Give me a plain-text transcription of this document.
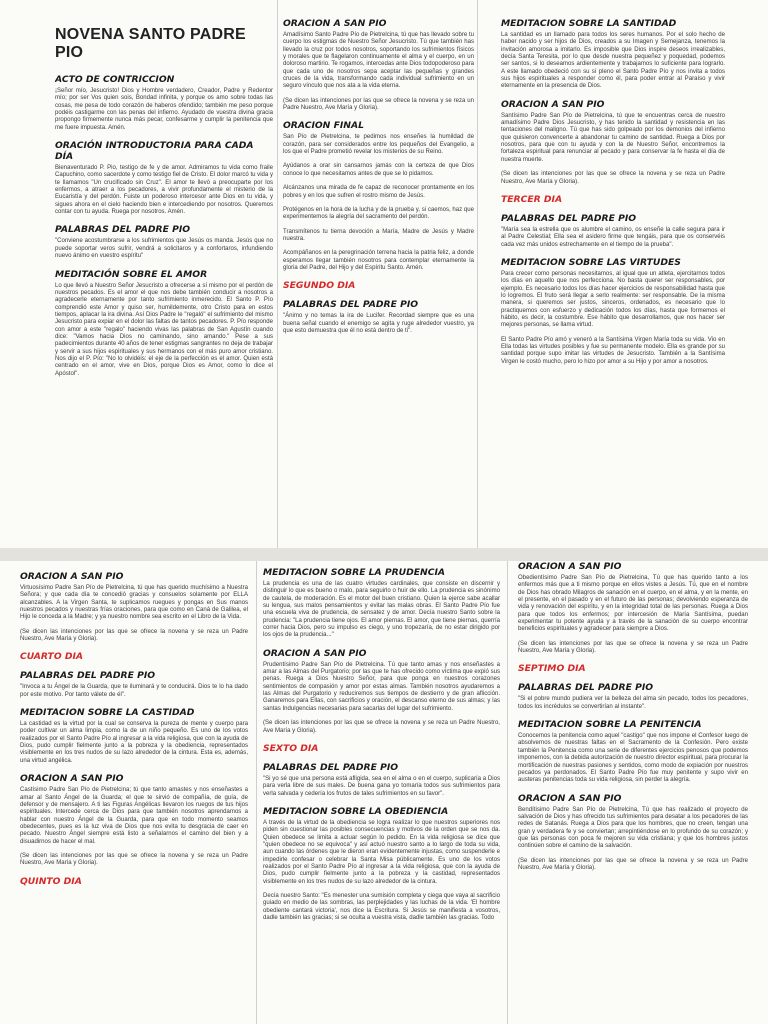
NOVENA SANTO PADRE PIO
ACTO DE CONTRICCION

¡Señor mío, Jesucristo! Dios y Hombre verdadero, Creador, Padre y Redentor mío; por ser Vos quien sois, Bondad infinita, y porque os amo sobre todas las cosas, me pesa de todo corazón de haberos ofendido; también me peso porque podéis castigarme con las penas del infierno. Ayudado de vuestra divina gracia propongo firmemente nunca más pecar, confesarme y cumplir la penitencia que me fuere impuesta. Amén.

ORACIÓN INTRODUCTORIA PARA CADA DÍA

Bienaventurado P. Pio, testigo de fe y de amor. Admiramos tu vida como fraile Capuchino, como sacerdote y como testigo fiel de Cristo. El dolor marcó tu vida y te llamamos "Un crucificado sin Cruz". El amor te llevó a preocuparte por los enfermos, a atraer a los pecadores, a vivir profundamente el misterio de la Eucaristía y del perdón. Fuiste un poderoso intercesor ante Dios en tu vida, y sigues ahora en el cielo haciendo bien e intercediendo por nosotros. Queremos contar con tu ayuda. Ruega por nosotros. Amén.

PALABRAS DEL PADRE PIO

"Conviene acostumbrarse a los sufrimientos que Jesús os manda. Jesús que no puede soportar veros sufrir, vendrá a solicitaros y a confortaros, infundiendo nuevo ánimo en vuestro espíritu"

MEDITACIÓN SOBRE EL AMOR

Lo que llevó a Nuestro Señor Jesucristo a ofrecerse a sí mismo por el perdón de nuestros pecados. Es el amor el que nos debe también conducir a nosotros a agradecerle eternamente por tanto sufrimiento inmerecido. El Santo P. Pío comprendió este Amor y quiso ser, humildemente, otro Cristo para en estos tiempos, aplacar la ira divina. Así Dios Padre le "regaló" el sufrimiento del mismo Jesucristo para expiar en el dolor las faltas de tantos pecadores. P. Pío responde con amor a este "regalo" haciendo vivas las palabras de San Agustín cuando dice: "Vamos hacia Dios no caminando, sino amando." Pese a sus padecimientos durante 40 años de tener estigmas sangrantes no deja de trabajar y servir a sus hijos espirituales y sus hermanos con el más puro amor cristiano. Nos dijo el P. Pío: "No lo olvidéis: el eje de la perfección es el amor. Quien está centrado en el amor, vive en Dios, porque Dios es Amor, como lo dice el Apóstol".

ORACION A SAN PIO

Amadísimo Santo Padre Pío de Pietrelcina, tú que has llevado sobre tu cuerpo los estigmas de Nuestro Señor Jesucristo. Tú que también has llevado la cruz por todos nosotros, soportando los sufrimientos físicos y morales que te flagelaron continuamente el alma y el cuerpo, en un doloroso martirio. Te rogamos, intercedas ante Dios todopoderoso para que cada uno de nosotros sepa aceptar las pequeñas y grandes cruces de la vida, transformando cada individual sufrimiento en un seguro vínculo que nos ata a la vida eterna.

(Se dicen las intenciones por las que se ofrece la novena y se reza un Padre Nuestro, Ave María y Gloria).

ORACION FINAL

San Pío de Pietrelcina, te pedimos nos enseñes la humildad de corazón, para ser considerados entre los pequeños del Evangelio, a los que el Padre prometió revelar los misterios de su Reino.

Ayúdanos a orar sin cansarnos jamás con la certeza de que Dios conoce lo que necesitamos antes de que se lo pidamos.

Alcánzanos una mirada de fe capaz de reconocer prontamente en los pobres y en los que sufren el rostro mismo de Jesús.

Protégenos en la hora de la lucha y de la prueba y, si caemos, haz que experimentemos la alegría del sacramento del perdón.

Transmítenos tu tierna devoción a María, Madre de Jesús y Madre nuestra.

Acompáñanos en la peregrinación terrena hacia la patria feliz, a donde esperamos llegar también nosotros para contemplar eternamente la gloria del Padre, del Hijo y del Espíritu Santo. Amén.

SEGUNDO DIA
PALABRAS DEL PADRE PIO

"Ánimo y no temas la ira de Lucifer. Recordad siempre que es una buena señal cuando el enemigo se agita y ruge alrededor vuestro, ya que esto demuestra que él no está dentro de ti".

MEDITACION SOBRE LA SANTIDAD

La santidad es un llamado para todos los seres humanos. Por el solo hecho de haber nacido y ser hijos de Dios, creados a su Imagen y Semejanza, tenemos la invitación amorosa a imitarlo. Es imposible que Dios inspire deseos irrealizables, decía Santa Teresita, por lo que desde nuestra pequeñez y poquedad, podemos ser santos, si lo deseamos ardientemente y trabajamos lo suficiente para lograrlo. A este llamado obedeció con su sí pleno el Santo Padre Pío y nos invita a todos sus hijos espirituales a responder como él, para poder entrar al Paraíso y vivir eternamente en la presencia de Dios.

ORACION A SAN PIO

Santísimo Padre San Pío de Pietrelcina, tú que te encuentras cerca de nuestro amadísimo Padre Dios Jesucristo, y has tenido la santidad y resistencia en las tentaciones del maligno. Tú que has sido golpeado por los demonios del infierno que quisieron convencerte a abandonar tu camino de santidad. Ruega a Dios por nosotros, para que con tu ayuda y con la de Nuestro Señor, encontremos la fortaleza espiritual para renunciar al pecado y para conservar la fe hasta el día de nuestra muerte.

(Se dicen las intenciones por las que se ofrece la novena y se reza un Padre Nuestro, Ave María y Gloria).

TERCER DIA
PALABRAS DEL PADRE PIO

"María sea la estrella que os alumbre el camino, os enseñe la calle segura para ir al Padre Celestial; Ella sea el asidero firme que tengáis, para que os conservéis cada vez más unidos estrechamente en el tiempo de la prueba".

MEDITACION SOBRE LAS VIRTUDES

Para crecer como personas necesitamos, al igual que un atleta, ejercitarnos todos los días en aquello que nos perfecciona. No basta querer ser responsables, por ejemplo. Es necesario todos los días hacer ejercicios de responsabilidad hasta que lo logremos. El fruto será llegar a serlo realmente: ser responsable. De la misma manera, si queremos ser justos, sinceros, ordenados, es necesario que lo practiquemos con esfuerzo y dedicación todos los días, hasta que formemos el hábito, es decir, la costumbre. Ese hábito que desarrollamos, que nos hacer ser mejores personas, se llama virtud.

El Santo Padre Pío amó y veneró a la Santísima Virgen María toda su vida. Vio en Ella todas las virtudes posibles y fue su permanente modelo. Ella es grande por su santidad porque supo imitar las virtudes de Jesucristo. También a la Santísima Virgen le costó mucho, pero lo hizo por amor a su Hijo y por amor a nosotros.

ORACION A SAN PIO

Virtuosísimo Padre San Pío de Pietrelcina, tú que has querido muchísimo a Nuestra Señora; y que cada día te concedió gracias y consuelos solamente por ELLA alcanzables. A la Virgen Santa, te suplicamos ruegues y pongas en Sus manos nuestros pecados y nuestras frías oraciones, para que como en Caná de Galilea, el Hijo le conceda a la Madre; y ya nuestro nombre sea escrito en el Libro de la Vida.

(Se dicen las intenciones por las que se ofrece la novena y se reza un Padre Nuestro, Ave María y Gloria).

CUARTO DIA
PALABRAS DEL PADRE PIO

"Invoca a tu Ángel de la Guarda, que te iluminará y te conducirá. Dios te lo ha dado por este motivo. Por tanto válete de él".

MEDITACION SOBRE LA CASTIDAD

La castidad es la virtud por la cual se conserva la pureza de mente y cuerpo para poder cultivar un alma limpia, como la de un niño pequeño. Es uno de los votos realizados por el Santo Padre Pío al ingresar a la vida religiosa, que con la ayuda de Dios, pudo cumplir fielmente junto a la pobreza y la obediencia, representados visiblemente en los tres nudos de su lazo alrededor de la cintura. Esta es, además, una virtud angélica.

ORACION A SAN PIO

Castísimo Padre San Pío de Pietrelcina; tú que tanto amastes y nos enseñastes a amar al Santo Ángel de la Guarda; el que te sirvió de compañía, de guía, de defensor y de mensajero. A ti las Figuras Angélicas llevaron los ruegos de tus hijos espirituales. Intercede cerca de Dios para que también nosotros aprendamos a hablar con nuestro Ángel de la Guarda, para que en todo momento seamos obedecentes, pues es la luz viva de Dios que nos evita tu desgracia de caer en pecado. Nuestro Ángel siempre está listo a señalarnos el camino del bien y a disuadirnos de hacer el mal.

(Se dicen las intenciones por las que se ofrece la novena y se reza un Padre Nuestro, Ave María y Gloria).

QUINTO DIA
MEDITACION SOBRE LA PRUDENCIA

La prudencia es una de las cuatro virtudes cardinales, que consiste en discernir y distinguir lo que es bueno o malo, para seguirlo o huir de ello. La prudencia es sinónimo de cautela, de moderación. Es el motor del buen cristiano. Quien la ejerce sabe acallar su lengua, sus malos pensamientos y evitar las malas obras. El Santo Padre Pío fue una escuela viva de prudencia, de sensatez y de amor. Decía nuestro Santo sobre la prudencia: "La prudencia tiene ojos. El amor piernas. El amor, que tiene piernas, querría correr hacia Dios, pero su impulso es ciego, y uno tropezaría, de no estar dirigido por los ojos de la prudencia..."

ORACION A SAN PIO

Prudentísimo Padre San Pío de Pietrelcina. Tú que tanto amas y nos enseñastes a amar a las Almas del Purgatorio; por las que te has ofrecido como víctima que expió sus penas. Ruega a Dios Nuestro Señor, para que ponga en nuestros corazones sentimientos de compasión y amor por estas almas. También nosotros ayudaremos a las Almas del Purgatorio y reduciremos sus tiempos de destierro y de gran aflicción. Ganaremos para Ellas, con sacrificios y oración, el descanso eterno de sus almas; y las santas Indulgencias necesarias para sacarlas del lugar del sufrimiento.

(Se dicen las intenciones por las que se ofrece la novena y se reza un Padre Nuestro, Ave María y Gloria).

SEXTO DIA
PALABRAS DEL PADRE PIO

"Si yo sé que una persona está afligida, sea en el alma o en el cuerpo, suplicaría a Dios para verla libre de sus males. De buena gana yo tomaría todos sus sufrimientos para verla salvada y cedería los frutos de tales sufrimientos en su favor".

MEDITACION SOBRE LA OBEDIENCIA

A través de la virtud de la obediencia se logra realizar lo que nuestros superiores nos piden sin cuestionar las posibles consecuencias y motivos de la orden que se nos da. Quien obedece se limita a actuar según lo pedido. En la vida religiosa se dice que "quien obedece no se equivoca" y así actuó nuestro santo a lo largo de toda su vida, aun cuando las órdenes que le dieron eran evidentemente injustas, como suspenderle e impedirle confesar o celebrar la Santa Misa públicamente. Es uno de los votos realizados por el Santo Padre Pío al ingresar a la vida religiosa, que con la ayuda de Dios, pudo cumplir fielmente junto a la pobreza y la castidad, representados visiblemente en los tres nudos de su lazo alrededor de la cintura.

Decía nuestro Santo: "Es menester una sumisión completa y ciega que vaya al sacrificio guiado en medio de las sombras, las perplejidades y las luchas de la vida. 'El hombre obediente cantará victoria', nos dice la Escritura. Si Jesús se manifiesta a vosotros, dadle también las gracias; si se oculta a vuestra vista, dadle también las gracias. Todo

ORACION A SAN PIO

Obedientísimo Padre San Pío de Pietrelcina, Tú que has querido tanto a los enfermos más que a ti mismo porque en ellos vistes a Jesús. Tú, que en el nombre de Dios has obrado Milagros de sanación en el cuerpo, en el alma, y en la mente, en el presente, en el pasado y en el futuro de las personas; devolviendo esperanza de vida y renovación del espíritu, y en la integridad total de las personas. Ruega a Dios para que todos los enfermos; por intercesión de María Santísima, puedan experimentar tu potente ayuda y a través de la sanación de su cuerpo encontrar beneficios espirituales y agradecer para siempre a Dios.

(Se dicen las intenciones por las que se ofrece la novena y se reza un Padre Nuestro, Ave María y Gloria).

SEPTIMO DIA
PALABRAS DEL PADRE PIO

"Si el pobre mundo pudiera ver la belleza del alma sin pecado, todos los pecadores, todos los incrédulos se convertirían al instante".

MEDITACION SOBRE LA PENITENCIA

Conocemos la penitencia como aquel "castigo" que nos impone el Confesor luego de absolvernos de nuestras faltas en el Sacramento de la Confesión. Pero existe también la Penitencia como una serie de diferentes ejercicios penosos que podemos imponernos, con la debida autorización de nuestro director espiritual, para procurar la mortificación de nuestras pasiones y sentidos, como modo de expiación por nuestros pecados ya perdonados. El Santo Padre Pío fue muy penitente y supo vivir en austeras penitencias toda su vida religiosa, sin perder la alegría.

ORACION A SAN PIO

Bendítisimo Padre San Pío de Pietrelcina, Tú que has realizado el proyecto de salvación de Dios y has ofrecido tus sufrimientos para desatar a los pecadores de las redes de Satanás. Ruega a Dios para que los hombres, que no creen, tengan una gran y verdadera fe y se conviertan; arrepintiéndose en lo profundo de su corazón; y que las personas con poca fe mejoren su vida cristiana; y que los hombres justos continúen sobre el camino de la salvación.

(Se dicen las intenciones por las que se ofrece la novena y se reza un Padre Nuestro, Ave María y Gloria).
